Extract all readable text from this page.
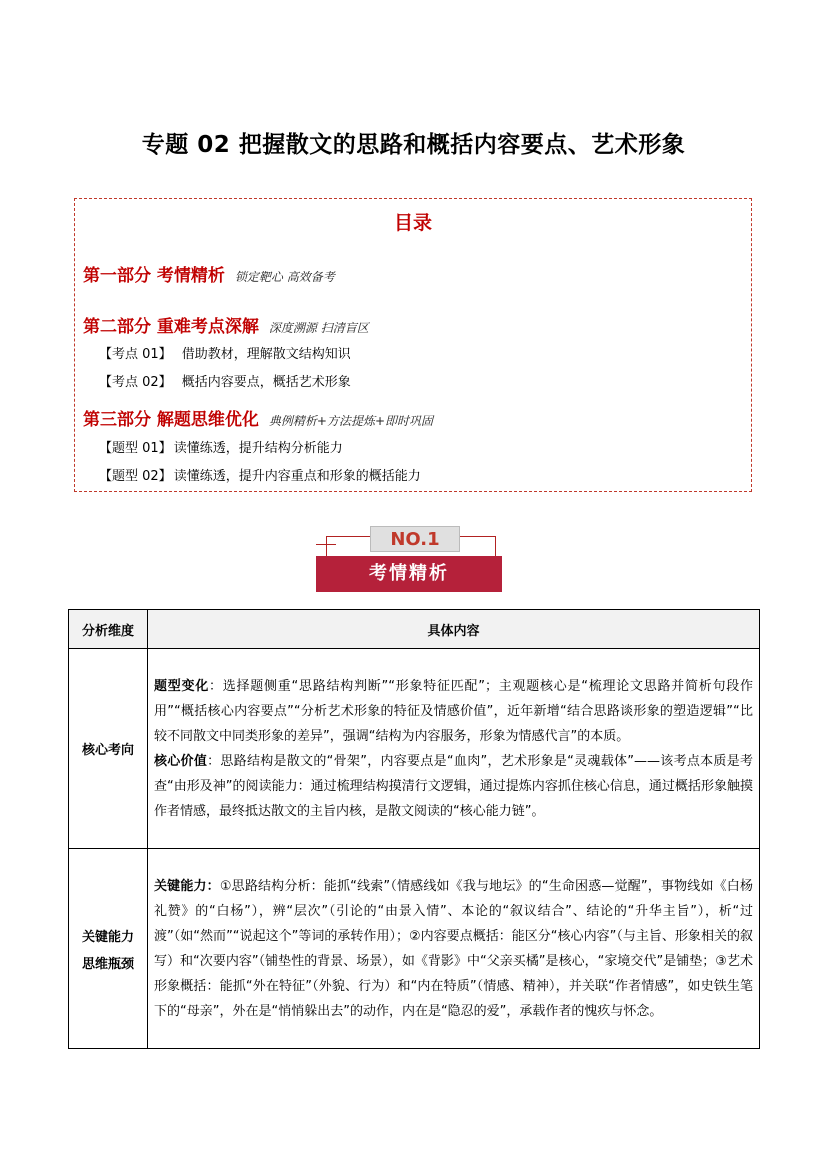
专题 02 把握散文的思路和概括内容要点、艺术形象
目录
第一部分 考情精析 锁定靶心 高效备考
第二部分 重难考点深解 深度溯源 扫清盲区
【考点 01】 借助教材，理解散文结构知识
【考点 02】 概括内容要点，概括艺术形象
第三部分 解题思维优化 典例精析+方法提炼+即时巩固
【题型 01】 读懂练透，提升结构分析能力
【题型 02】 读懂练透，提升内容重点和形象的概括能力
NO.1
考情精析
分析维度	具体内容
核心考向	题型变化：选择题侧重“思路结构判断”“形象特征匹配”；主观题核心是“梳理论文思路并简析句段作用”“概括核心内容要点”“分析艺术形象的特征及情感价值”，近年新增“结合思路谈形象的塑造逻辑”“比较不同散文中同类形象的差异”，强调“结构为内容服务，形象为情感代言”的本质。
核心价值：思路结构是散文的“骨架”，内容要点是“血肉”，艺术形象是“灵魂载体”——该考点本质是考查“由形及神”的阅读能力：通过梳理结构摸清行文逻辑，通过提炼内容抓住核心信息，通过概括形象触摸作者情感，最终抵达散文的主旨内核，是散文阅读的“核心能力链”。

关键能力
思维瓶颈	关键能力：①思路结构分析：能抓“线索”（情感线如《我与地坛》的“生命困惑—觉醒”，事物线如《白杨礼赞》的“白杨”），辨“层次”（引论的“由景入情”、本论的“叙议结合”、结论的“升华主旨”），析“过渡”（如“然而”“说起这个”等词的承转作用）；②内容要点概括：能区分“核心内容”（与主旨、形象相关的叙写）和“次要内容”（铺垫性的背景、场景），如《背影》中“父亲买橘”是核心，“家境交代”是铺垫；③艺术形象概括：能抓“外在特征”（外貌、行为）和“内在特质”（情感、精神），并关联“作者情感”，如史铁生笔下的“母亲”，外在是“悄悄躲出去”的动作，内在是“隐忍的爱”，承载作者的愧疚与怀念。
